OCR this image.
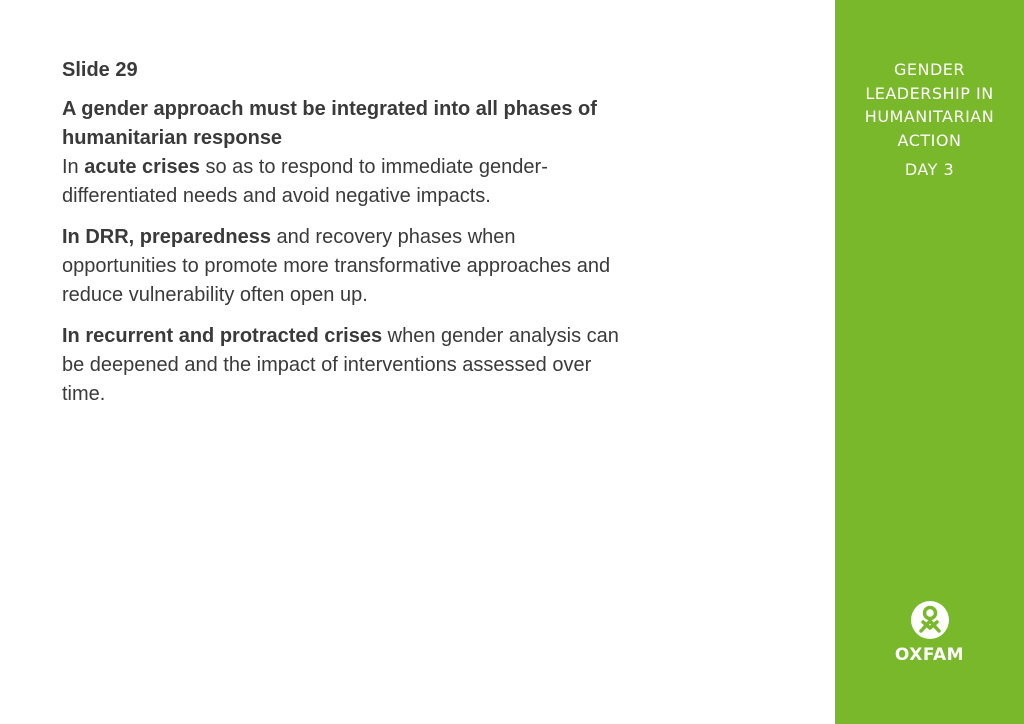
Slide 29
A gender approach must be integrated into all phases of humanitarian response
In acute crises so as to respond to immediate gender-differentiated needs and avoid negative impacts.
In DRR, preparedness and recovery phases when opportunities to promote more transformative approaches and reduce vulnerability often open up.
In recurrent and protracted crises when gender analysis can be deepened and the impact of interventions assessed over time.
GENDER
LEADERSHIP IN
HUMANITARIAN
ACTION
DAY 3
OXFAM
